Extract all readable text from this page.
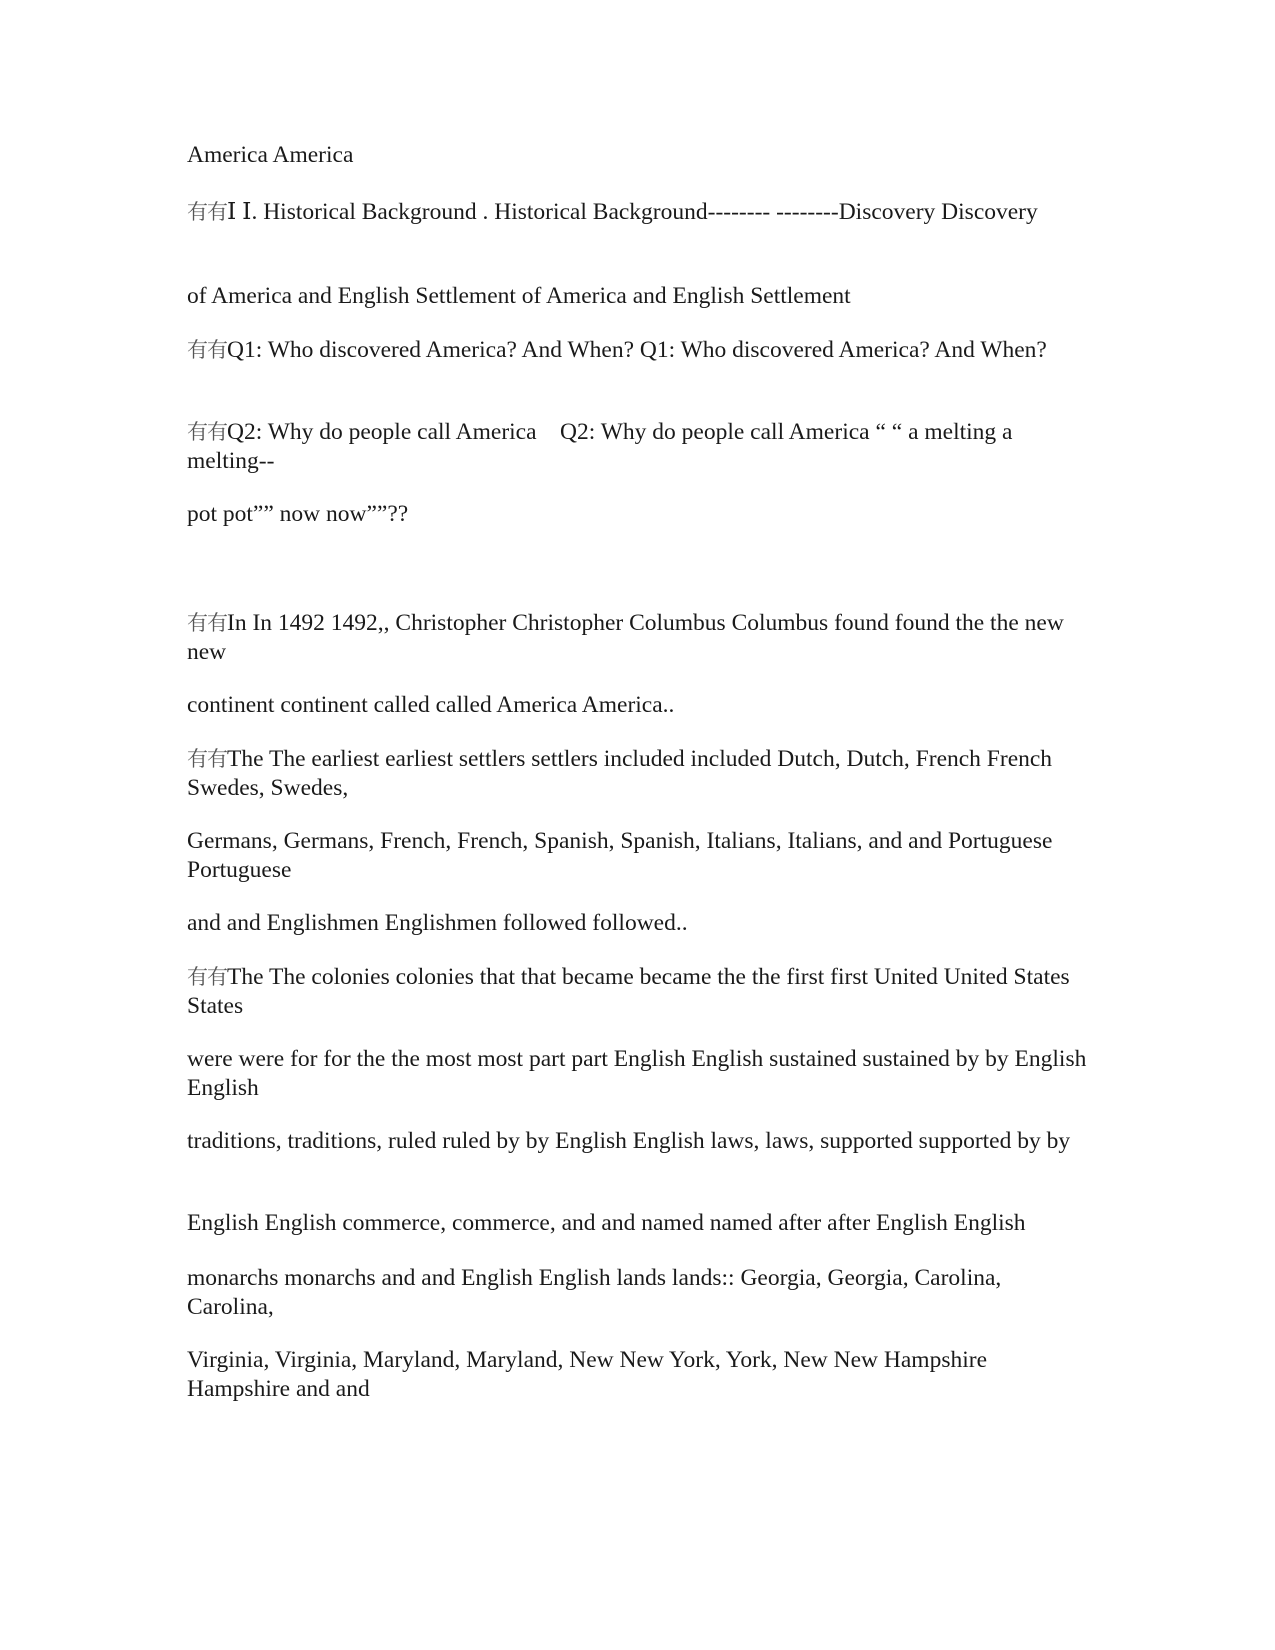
America America

有有Ⅰ Ⅰ. Historical Background . Historical Background-------- --------Discovery Discovery

of America and English Settlement of America and English Settlement

有有Q1: Who discovered America? And When? Q1: Who discovered America? And When?

有有Q2: Why do people call America    Q2: Why do people call America “ “ a melting a melting--

pot pot”” now now””??

有有In In 1492 1492,, Christopher Christopher Columbus Columbus found found the the new new

continent continent called called America America..

有有The The earliest earliest settlers settlers included included Dutch, Dutch, French French Swedes, Swedes,

Germans, Germans, French, French, Spanish, Spanish, Italians, Italians, and and Portuguese Portuguese

and and Englishmen Englishmen followed followed..

有有The The colonies colonies that that became became the the first first United United States States

were were for for the the most most part part English English sustained sustained by by English English

traditions, traditions, ruled ruled by by English English laws, laws, supported supported by by

English English commerce, commerce, and and named named after after English English

monarchs monarchs and and English English lands lands:: Georgia, Georgia, Carolina, Carolina,

Virginia, Virginia, Maryland, Maryland, New New York, York, New New Hampshire Hampshire and and
